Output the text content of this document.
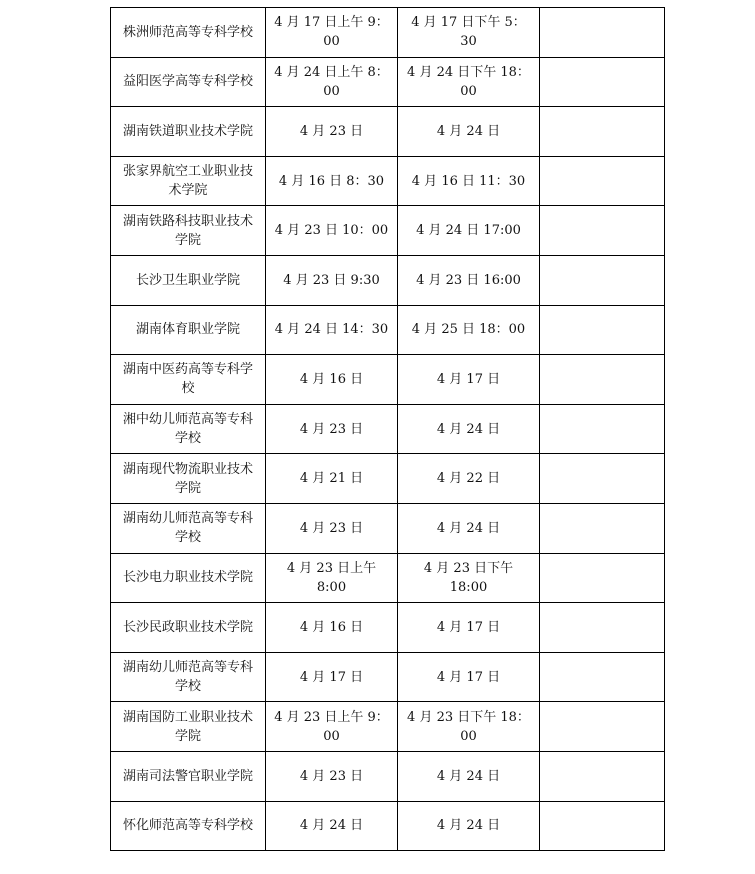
株洲师范高等专科学校	4 月 17 日上午 9：00	4 月 17 日下午 5：30	
益阳医学高等专科学校	4 月 24 日上午 8：00	4 月 24 日下午 18：00	
湖南铁道职业技术学院	4 月 23 日	4 月 24 日	
张家界航空工业职业技术学院	4 月 16 日 8：30	4 月 16 日 11：30	
湖南铁路科技职业技术学院	4 月 23 日 10：00	4 月 24 日 17:00	
长沙卫生职业学院	4 月 23 日 9:30	4 月 23 日 16:00	
湖南体育职业学院	4 月 24 日 14：30	4 月 25 日 18：00	
湖南中医药高等专科学校	4 月 16 日	4 月 17 日	
湘中幼儿师范高等专科学校	4 月 23 日	4 月 24 日	
湖南现代物流职业技术学院	4 月 21 日	4 月 22 日	
湖南幼儿师范高等专科学校	4 月 23 日	4 月 24 日	
长沙电力职业技术学院	4 月 23 日上午 8:00	4 月 23 日下午 18:00	
长沙民政职业技术学院	4 月 16 日	4 月 17 日	
湖南幼儿师范高等专科学校	4 月 17 日	4 月 17 日	
湖南国防工业职业技术学院	4 月 23 日上午 9：00	4 月 23 日下午 18：00	
湖南司法警官职业学院	4 月 23 日	4 月 24 日	
怀化师范高等专科学校	4 月 24 日	4 月 24 日	
